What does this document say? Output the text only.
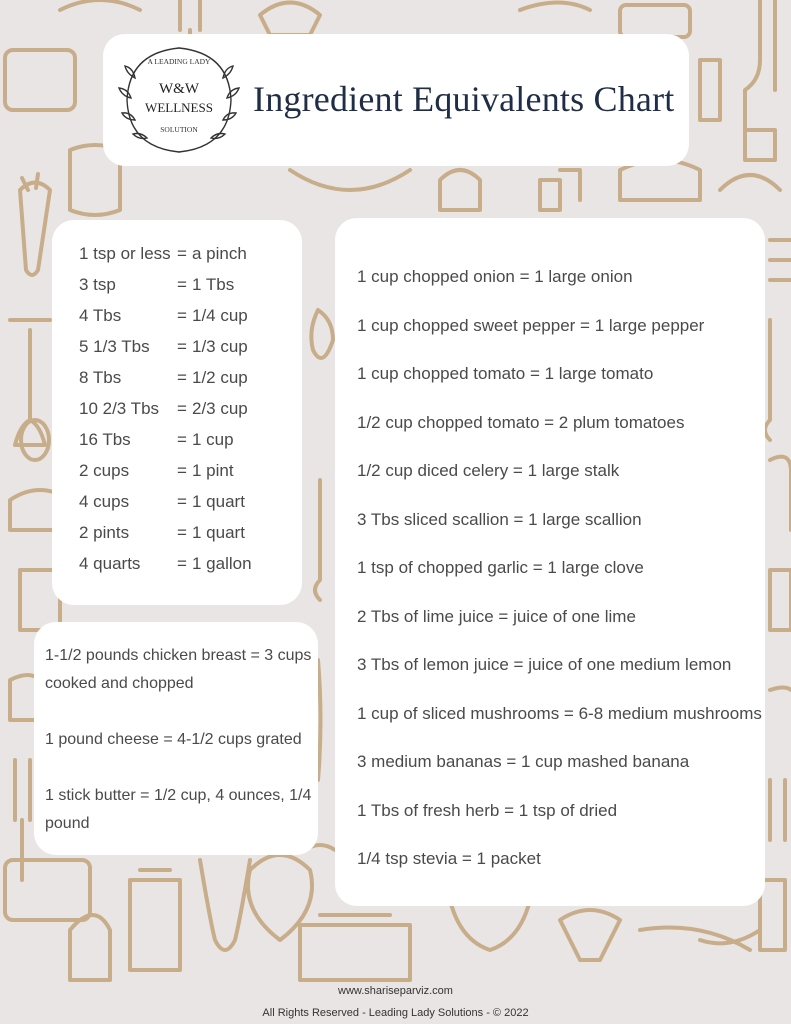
A LEADING LADY
W&W
WELLNESS
SOLUTION
Ingredient Equivalents Chart
1 tsp or less = a pinch
3 tsp	= 1 Tbs
4 Tbs	= 1/4 cup
5 1/3 Tbs	= 1/3 cup
8 Tbs	= 1/2 cup
10 2/3 Tbs	= 2/3 cup
16 Tbs	= 1 cup
2 cups	= 1 pint
4 cups	= 1 quart
2 pints	= 1 quart
4 quarts	= 1 gallon
1-1/2 pounds chicken breast = 3 cups cooked and chopped
1 pound cheese = 4-1/2 cups grated
1 stick butter = 1/2 cup, 4 ounces, 1/4 pound
1 cup chopped onion = 1 large onion
1 cup chopped sweet pepper = 1 large pepper
1 cup chopped tomato = 1 large tomato
1/2 cup chopped tomato = 2 plum tomatoes
1/2 cup diced celery = 1 large stalk
3 Tbs sliced scallion = 1 large scallion
1 tsp of chopped garlic = 1 large clove
2 Tbs of lime juice = juice of one lime
3 Tbs of lemon juice = juice of one medium lemon
1 cup of sliced mushrooms = 6-8 medium mushrooms
3 medium bananas = 1 cup mashed banana
1 Tbs of fresh herb = 1 tsp of dried
1/4 tsp stevia = 1 packet
www.shariseparviz.com
All Rights Reserved - Leading Lady Solutions - © 2022
